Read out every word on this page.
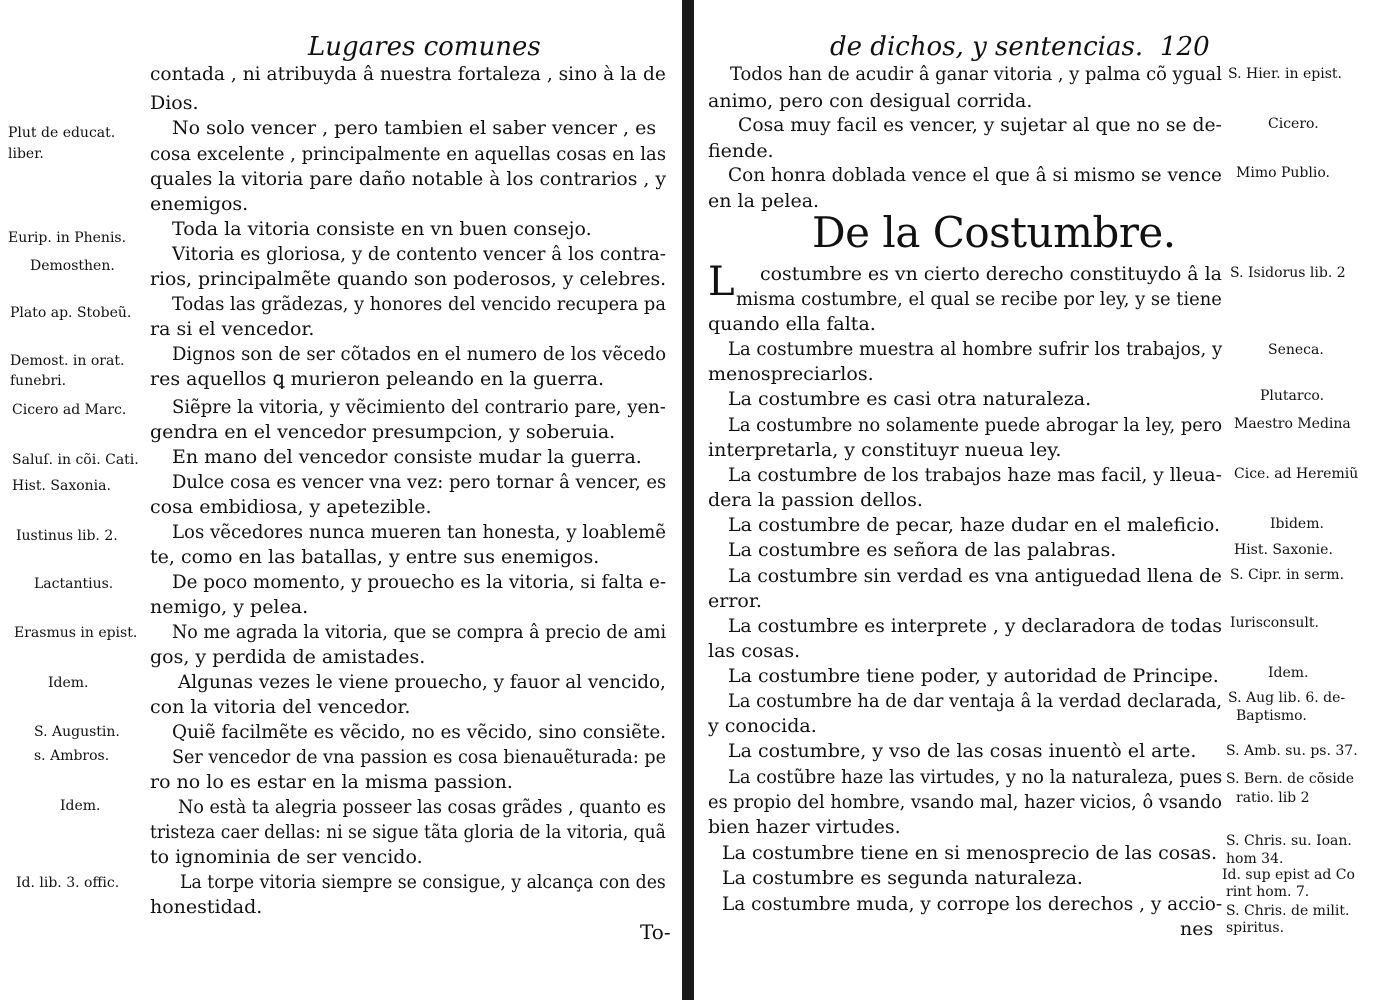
Lugares comunes
contada , ni atribuyda â nuestra fortaleza , sino à la de
Dios.
No solo vencer , pero tambien el saber vencer , es
cosa excelente , principalmente en aquellas cosas en las
quales la vitoria pare daño notable à los contrarios , y
enemigos.
Toda la vitoria consiste en vn buen consejo.
Vitoria es gloriosa, y de contento vencer â los contra-
rios, principalmẽte quando son poderosos, y celebres.
Todas las grãdezas, y honores del vencido recupera pa
ra si el vencedor.
Dignos son de ser cõtados en el numero de los vẽcedo
res aquellos ꝗ murieron peleando en la guerra.
Siẽpre la vitoria, y vẽcimiento del contrario pare, yen-
gendra en el vencedor presumpcion, y soberuia.
En mano del vencedor consiste mudar la guerra.
Dulce cosa es vencer vna vez: pero tornar â vencer, es
cosa embidiosa, y apetezible.
Los vẽcedores nunca mueren tan honesta, y loablemẽ
te, como en las batallas, y entre sus enemigos.
De poco momento, y prouecho es la vitoria, si falta e-
nemigo, y pelea.
No me agrada la vitoria, que se compra â precio de ami
gos, y perdida de amistades.
Algunas vezes le viene prouecho, y fauor al vencido,
con la vitoria del vencedor.
Quiẽ facilmẽte es vẽcido, no es vẽcido, sino consiẽte.
Ser vencedor de vna passion es cosa bienauẽturada: pe
ro no lo es estar en la misma passion.
No està ta alegria posseer las cosas grãdes , quanto es
tristeza caer dellas: ni se sigue tãta gloria de la vitoria, quã
to ignominia de ser vencido.
La torpe vitoria siempre se consigue, y alcança con des
honestidad.
Plut de educat.
liber.
Eurip. in Phenis.
Demosthen.
Plato ap. Stobeũ.
Demost. in orat.
funebri.
Cicero ad Marc.
Saluſ. in cõi. Cati.
Hist. Saxonia.
Iustinus lib. 2.
Lactantius.
Erasmus in epist.
Idem.
S. Augustin.
s. Ambros.
Idem.
Id. lib. 3. offic.
To-
de dichos, y sentencias. 120
De la Costumbre.
L
Todos han de acudir â ganar vitoria , y palma cõ ygual
animo, pero con desigual corrida.
Cosa muy facil es vencer, y sujetar al que no se de-
fiende.
Con honra doblada vence el que â si mismo se vence
en la pelea.
costumbre es vn cierto derecho constituydo â la
misma costumbre, el qual se recibe por ley, y se tiene
quando ella falta.
La costumbre muestra al hombre sufrir los trabajos, y
menospreciarlos.
La costumbre es casi otra naturaleza.
La costumbre no solamente puede abrogar la ley, pero
interpretarla, y constituyr nueua ley.
La costumbre de los trabajos haze mas facil, y lleua-
dera la passion dellos.
La costumbre de pecar, haze dudar en el maleficio.
La costumbre es señora de las palabras.
La costumbre sin verdad es vna antiguedad llena de
error.
La costumbre es interprete , y declaradora de todas
las cosas.
La costumbre tiene poder, y autoridad de Principe.
La costumbre ha de dar ventaja â la verdad declarada,
y conocida.
La costumbre, y vso de las cosas inuentò el arte.
La costũbre haze las virtudes, y no la naturaleza, pues
es propio del hombre, vsando mal, hazer vicios, ô vsando
bien hazer virtudes.
La costumbre tiene en si menosprecio de las cosas.
La costumbre es segunda naturaleza.
La costumbre muda, y corrope los derechos , y accio-
nes
S. Hier. in epist.
Cicero.
Mimo Publio.
S. Isidorus lib. 2
Seneca.
Plutarco.
Maestro Medina
Cice. ad Heremiũ
Ibidem.
Hist. Saxonie.
S. Cipr. in serm.
Iurisconsult.
Idem.
S. Aug lib. 6. de-
Baptismo.
S. Amb. su. ps. 37.
S. Bern. de cõside
ratio. lib 2
S. Chris. su. Ioan.
hom 34.
Id. sup epist ad Co
rint hom. 7.
S. Chris. de milit.
spiritus.
